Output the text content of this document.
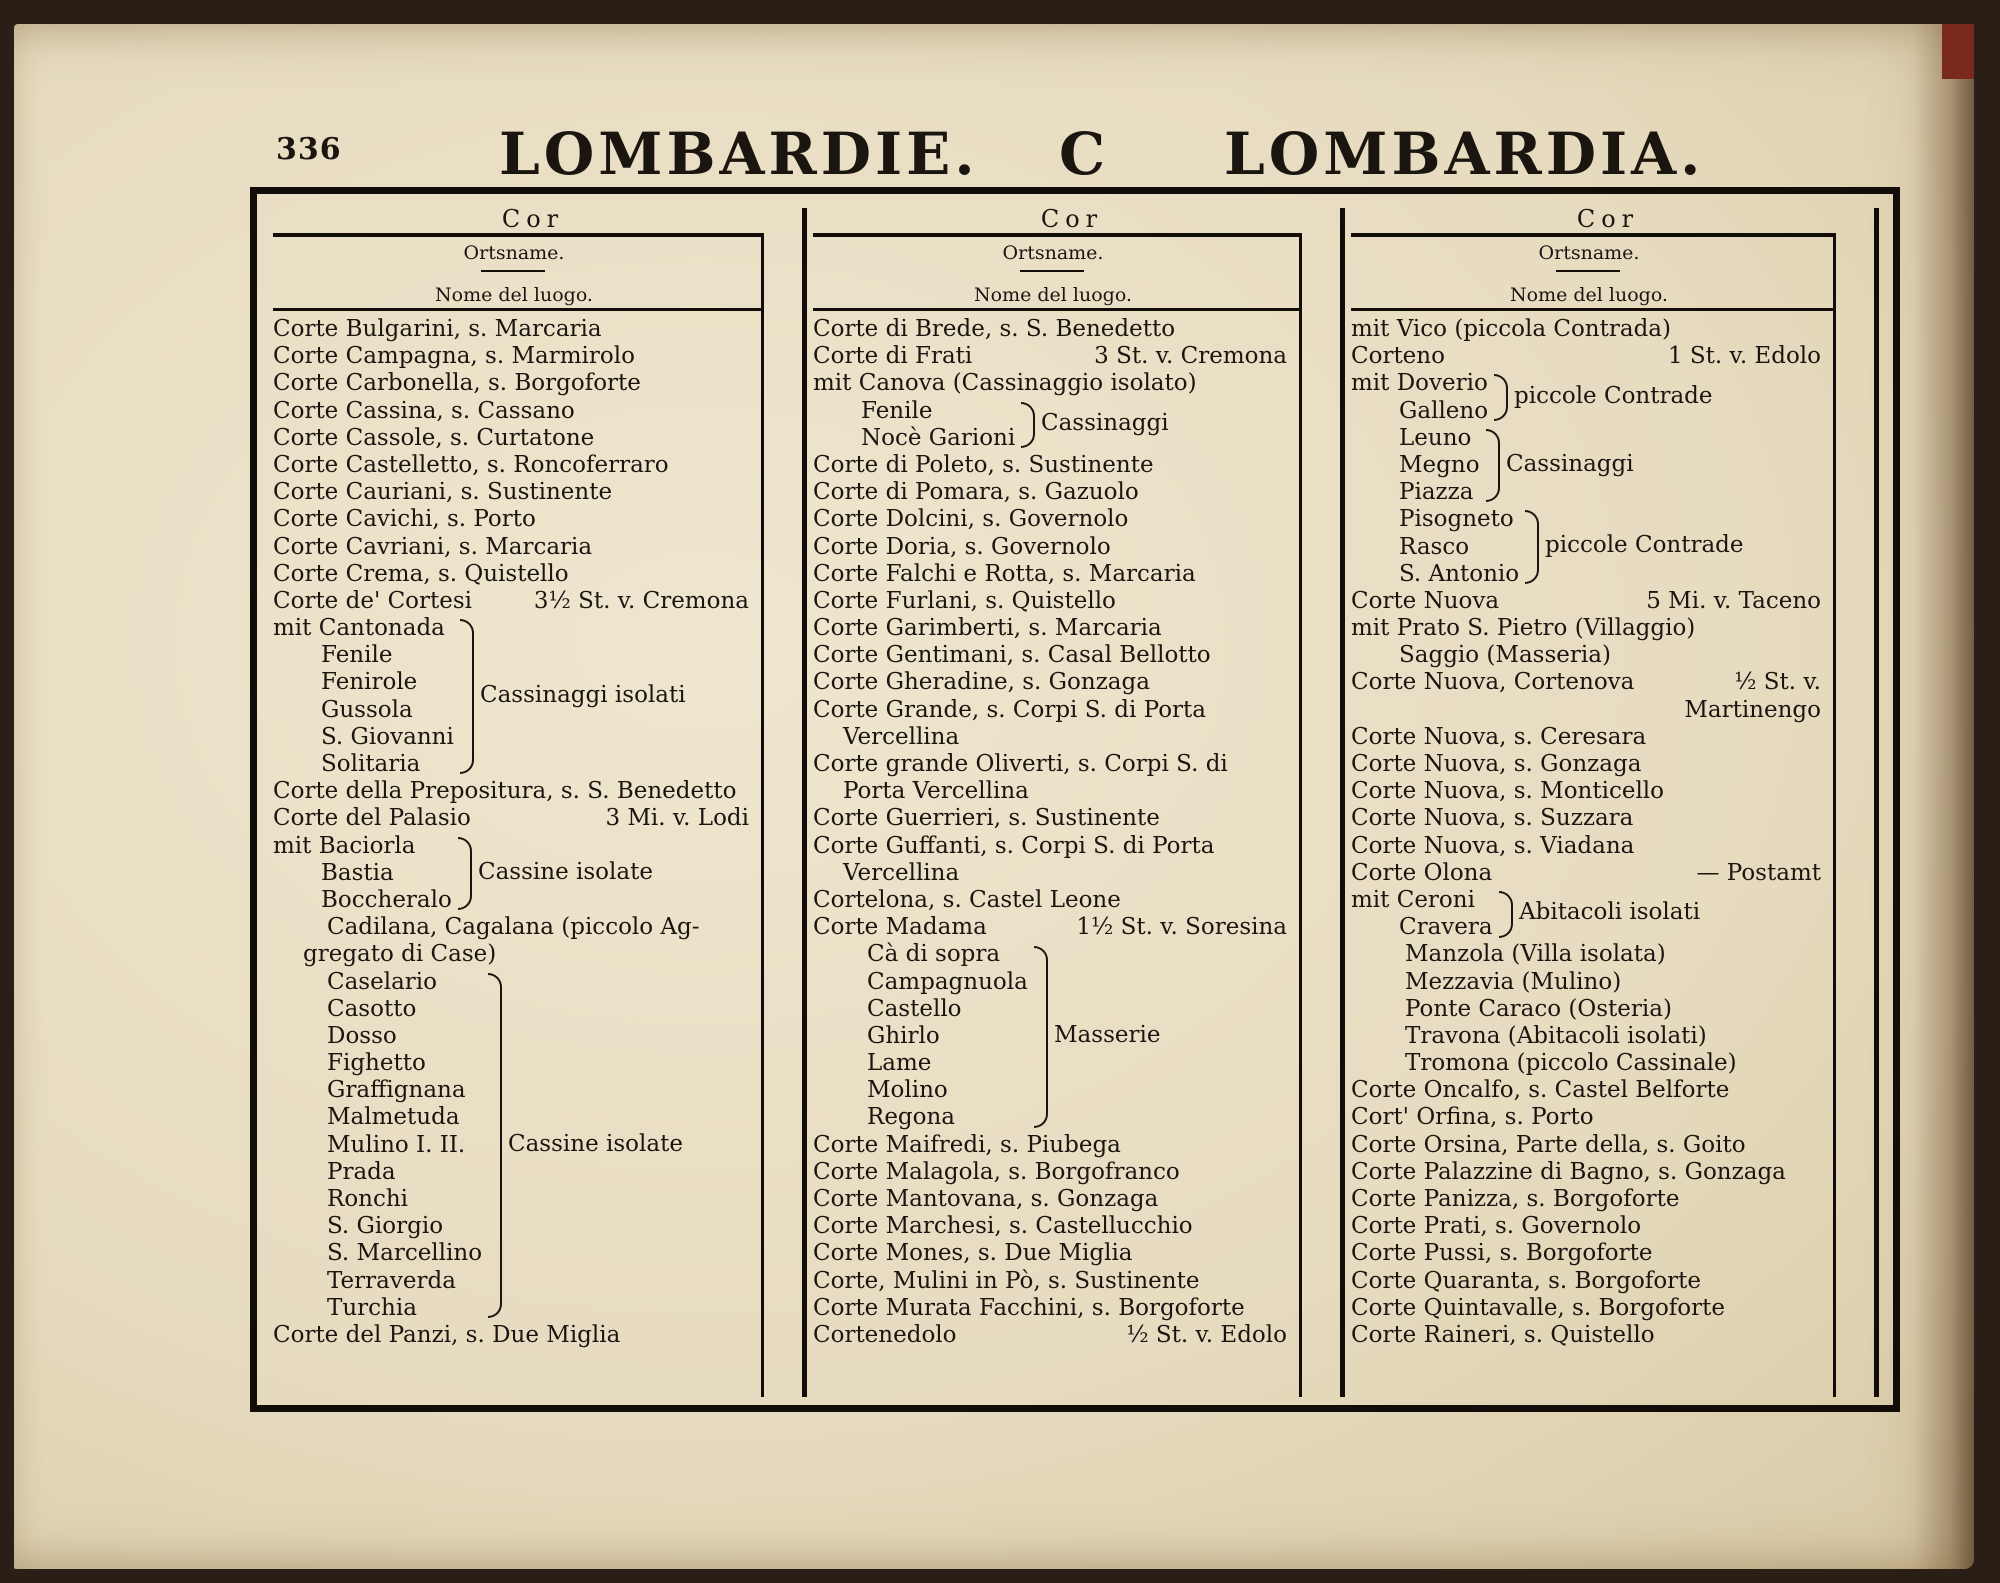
336	LOMBARDIE. C LOMBARDIA.
Cor
Ortsname.
Nome del luogo.
Corte Bulgarini, s. Marcaria
Corte Campagna, s. Marmirolo
Corte Carbonella, s. Borgoforte
Corte Cassina, s. Cassano
Corte Cassole, s. Curtatone
Corte Castelletto, s. Roncoferraro
Corte Cauriani, s. Sustinente
Corte Cavichi, s. Porto
Corte Cavriani, s. Marcaria
Corte Crema, s. Quistello
Corte de' Cortesi	3½ St. v. Cremona
mit Cantonada
Fenile
Fenirole
Gussola
S. Giovanni
Solitaria
Corte della Prepositura, s. S. Benedetto
Corte del Palasio	3 Mi. v. Lodi
mit Baciorla
Bastia
Boccheralo
Cadilana, Cagalana (piccolo Ag-
gregato di Case)
Caselario
Casotto
Dosso
Fighetto
Graffignana
Malmetuda
Mulino I. II.
Prada
Ronchi
S. Giorgio
S. Marcellino
Terraverda
Turchia
Corte del Panzi, s. Due Miglia
Cassinaggi isolati
Cassine isolate
Cassine isolate
Cor
Ortsname.
Nome del luogo.
Corte di Brede, s. S. Benedetto
Corte di Frati	3 St. v. Cremona
mit Canova (Cassinaggio isolato)
Fenile
Nocè Garioni
Corte di Poleto, s. Sustinente
Corte di Pomara, s. Gazuolo
Corte Dolcini, s. Governolo
Corte Doria, s. Governolo
Corte Falchi e Rotta, s. Marcaria
Corte Furlani, s. Quistello
Corte Garimberti, s. Marcaria
Corte Gentimani, s. Casal Bellotto
Corte Gheradine, s. Gonzaga
Corte Grande, s. Corpi S. di Porta
Vercellina
Corte grande Oliverti, s. Corpi S. di
Porta Vercellina
Corte Guerrieri, s. Sustinente
Corte Guffanti, s. Corpi S. di Porta
Vercellina
Cortelona, s. Castel Leone
Corte Madama	1½ St. v. Soresina
Cà di sopra
Campagnuola
Castello
Ghirlo
Lame
Molino
Regona
Corte Maifredi, s. Piubega
Corte Malagola, s. Borgofranco
Corte Mantovana, s. Gonzaga
Corte Marchesi, s. Castellucchio
Corte Mones, s. Due Miglia
Corte, Mulini in Pò, s. Sustinente
Corte Murata Facchini, s. Borgoforte
Cortenedolo	½ St. v. Edolo
Cassinaggi
Masserie
Cor
Ortsname.
Nome del luogo.
mit Vico (piccola Contrada)
Corteno	1 St. v. Edolo
mit Doverio
Galleno
Leuno
Megno
Piazza
Pisogneto
Rasco
S. Antonio
Corte Nuova	5 Mi. v. Taceno
mit Prato S. Pietro (Villaggio)
Saggio (Masseria)
Corte Nuova, Cortenova	½ St. v.
Martinengo
Corte Nuova, s. Ceresara
Corte Nuova, s. Gonzaga
Corte Nuova, s. Monticello
Corte Nuova, s. Suzzara
Corte Nuova, s. Viadana
Corte Olona	— Postamt
mit Ceroni
Cravera
Manzola (Villa isolata)
Mezzavia (Mulino)
Ponte Caraco (Osteria)
Travona (Abitacoli isolati)
Tromona (piccolo Cassinale)
Corte Oncalfo, s. Castel Belforte
Cort' Orfina, s. Porto
Corte Orsina, Parte della, s. Goito
Corte Palazzine di Bagno, s. Gonzaga
Corte Panizza, s. Borgoforte
Corte Prati, s. Governolo
Corte Pussi, s. Borgoforte
Corte Quaranta, s. Borgoforte
Corte Quintavalle, s. Borgoforte
Corte Raineri, s. Quistello
piccole Contrade
Cassinaggi
piccole Contrade
Abitacoli isolati
